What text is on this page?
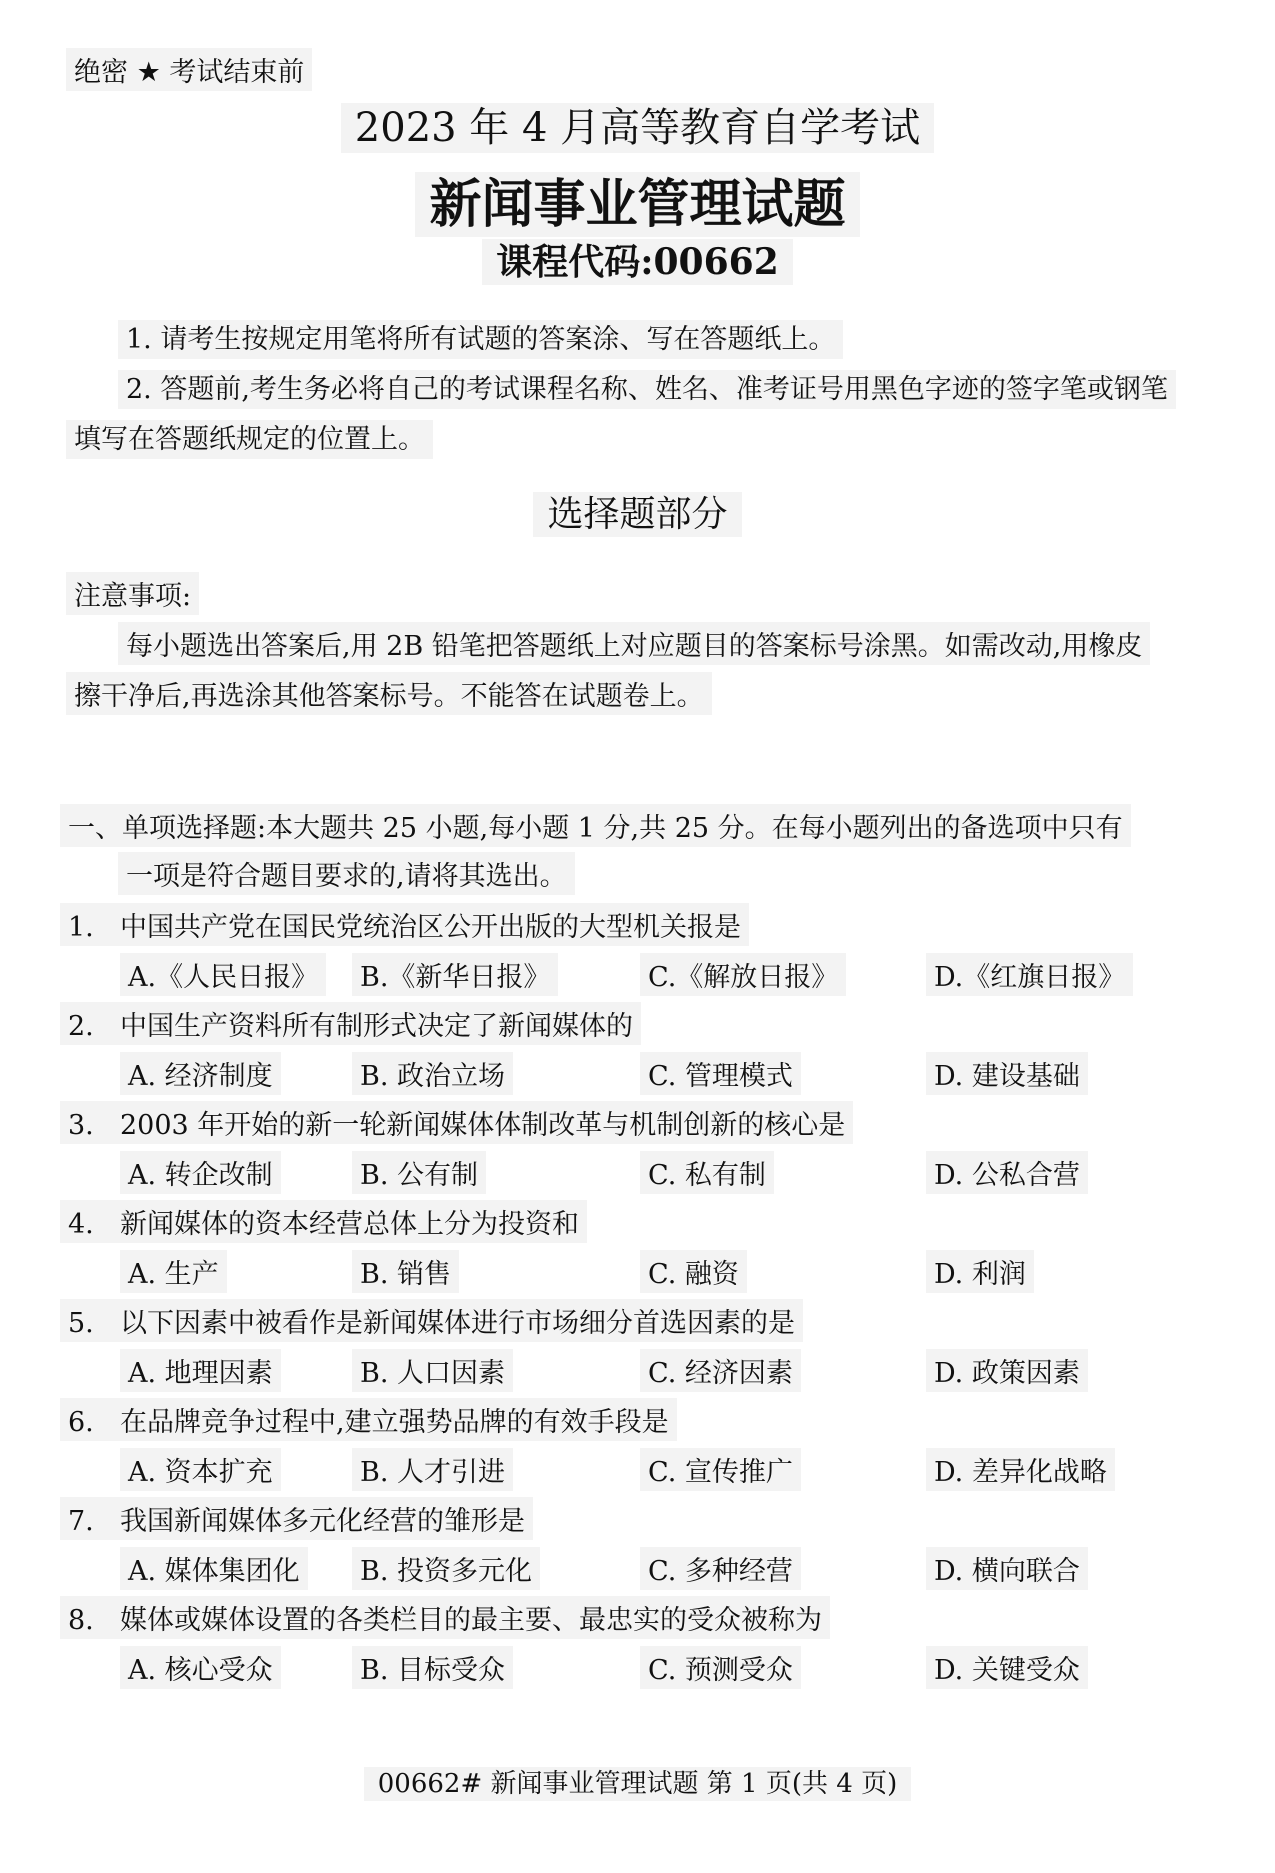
绝密 ★ 考试结束前
2023 年 4 月高等教育自学考试
新闻事业管理试题
课程代码:00662
1. 请考生按规定用笔将所有试题的答案涂、写在答题纸上。
2. 答题前,考生务必将自己的考试课程名称、姓名、准考证号用黑色字迹的签字笔或钢笔
填写在答题纸规定的位置上。
选择题部分
注意事项:
每小题选出答案后,用 2B 铅笔把答题纸上对应题目的答案标号涂黑。如需改动,用橡皮
擦干净后,再选涂其他答案标号。不能答在试题卷上。
一、单项选择题:本大题共 25 小题,每小题 1 分,共 25 分。在每小题列出的备选项中只有
一项是符合题目要求的,请将其选出。
1. 中国共产党在国民党统治区公开出版的大型机关报是
A.《人民日报》 B.《新华日报》	C.《解放日报》	D.《红旗日报》
2. 中国生产资料所有制形式决定了新闻媒体的
A. 经济制度	B. 政治立场	C. 管理模式	D. 建设基础
3. 2003 年开始的新一轮新闻媒体体制改革与机制创新的核心是
A. 转企改制	B. 公有制	C. 私有制	D. 公私合营
4. 新闻媒体的资本经营总体上分为投资和
A. 生产	B. 销售	C. 融资	D. 利润
5. 以下因素中被看作是新闻媒体进行市场细分首选因素的是
A. 地理因素	B. 人口因素	C. 经济因素	D. 政策因素
6. 在品牌竞争过程中,建立强势品牌的有效手段是
A. 资本扩充	B. 人才引进	C. 宣传推广	D. 差异化战略
7. 我国新闻媒体多元化经营的雏形是
A. 媒体集团化 B. 投资多元化	C. 多种经营	D. 横向联合
8. 媒体或媒体设置的各类栏目的最主要、最忠实的受众被称为
A. 核心受众	B. 目标受众	C. 预测受众	D. 关键受众
00662# 新闻事业管理试题 第 1 页(共 4 页)
